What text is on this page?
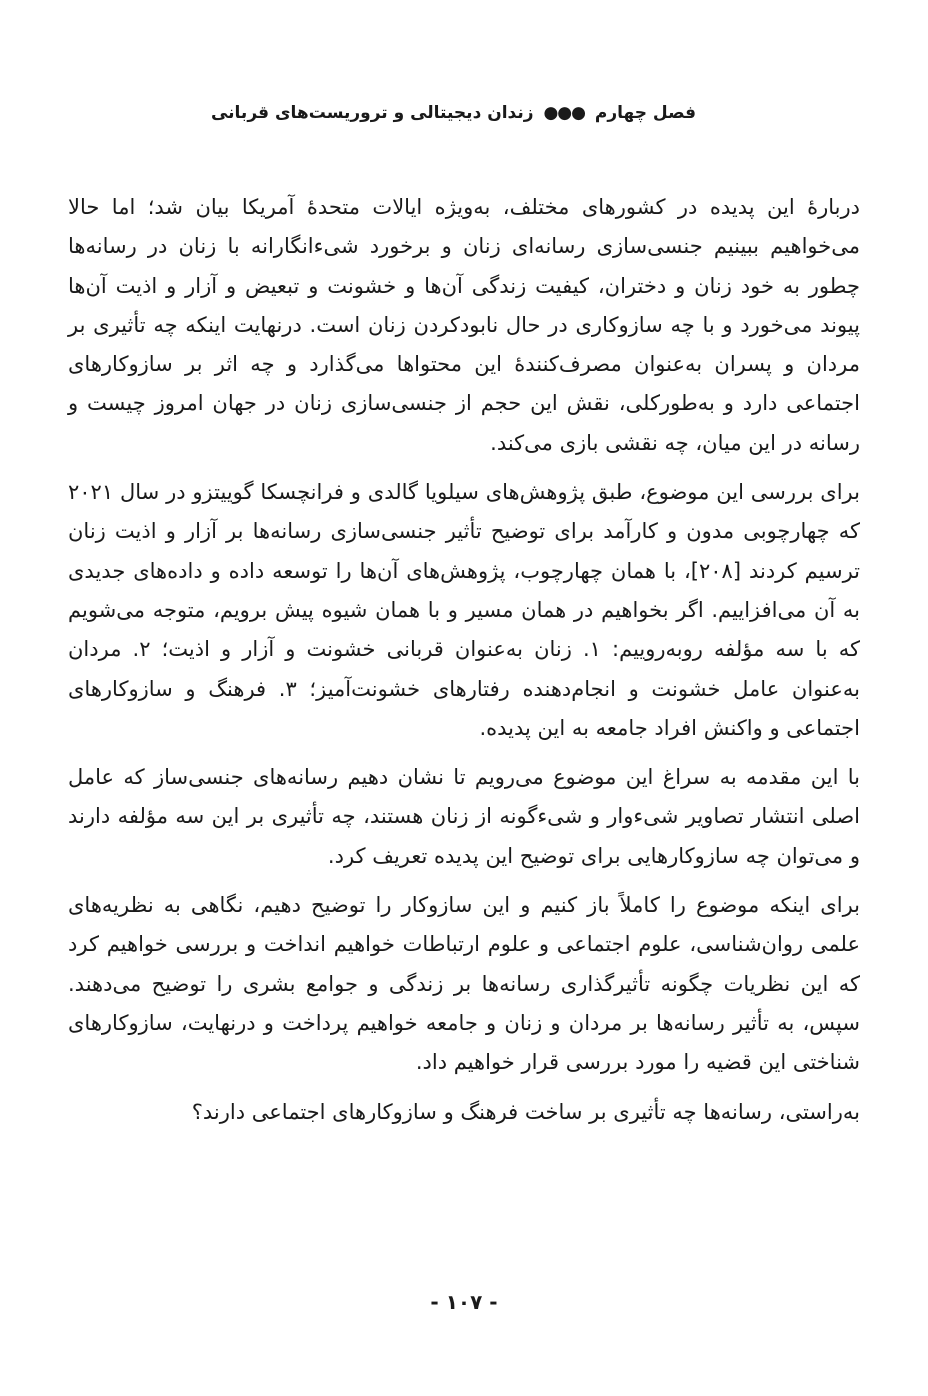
فصل چهارم ●●● زندان دیجیتالی و تروریست‌های قربانی

دربارهٔ این پدیده در کشورهای مختلف، به‌ویژه ایالات متحدهٔ آمریکا بیان شد؛ اما حالا می‌خواهیم ببینیم جنسی‌سازی رسانه‌ای زنان و برخورد شیءانگارانه با زنان در رسانه‌ها چطور به خود زنان و دختران، کیفیت زندگی آن‌ها و خشونت و تبعیض و آزار و اذیت آن‌ها پیوند می‌خورد و با چه سازوکاری در حال نابودکردن زنان است. درنهایت اینکه چه تأثیری بر مردان و پسران به‌عنوان مصرف‌کنندهٔ این محتواها می‌گذارد و چه اثر بر سازوکارهای اجتماعی دارد و به‌طورکلی، نقش این حجم از جنسی‌سازی زنان در جهان امروز چیست و رسانه در این میان، چه نقشی بازی می‌کند.

برای بررسی این موضوع، طبق پژوهش‌های سیلویا گالدی و فرانچسکا گوییتزو در سال ۲۰۲۱ که چهارچوبی مدون و کارآمد برای توضیح تأثیر جنسی‌سازی رسانه‌ها بر آزار و اذیت زنان ترسیم کردند [۲۰۸]، با همان چهارچوب، پژوهش‌های آن‌ها را توسعه داده و داده‌های جدیدی به آن می‌افزاییم. اگر بخواهیم در همان مسیر و با همان شیوه پیش برویم، متوجه می‌شویم که با سه مؤلفه روبه‌روییم: ۱. زنان به‌عنوان قربانی خشونت و آزار و اذیت؛ ۲. مردان به‌عنوان عامل خشونت و انجام‌دهنده رفتارهای خشونت‌آمیز؛ ۳. فرهنگ و سازوکارهای اجتماعی و واکنش افراد جامعه به این پدیده.

با این مقدمه به سراغ این موضوع می‌رویم تا نشان دهیم رسانه‌های جنسی‌ساز که عامل اصلی انتشار تصاویر شیءوار و شیءگونه از زنان هستند، چه تأثیری بر این سه مؤلفه دارند و می‌توان چه سازوکارهایی برای توضیح این پدیده تعریف کرد.

برای اینکه موضوع را کاملاً باز کنیم و این سازوکار را توضیح دهیم، نگاهی به نظریه‌های علمی روان‌شناسی، علوم اجتماعی و علوم ارتباطات خواهیم انداخت و بررسی خواهیم کرد که این نظریات چگونه تأثیرگذاری رسانه‌ها بر زندگی و جوامع بشری را توضیح می‌دهند. سپس، به تأثیر رسانه‌ها بر مردان و زنان و جامعه خواهیم پرداخت و درنهایت، سازوکارهای شناختی این قضیه را مورد بررسی قرار خواهیم داد.

به‌راستی، رسانه‌ها چه تأثیری بر ساخت فرهنگ و سازوکارهای اجتماعی دارند؟

- ۱۰۷ -
